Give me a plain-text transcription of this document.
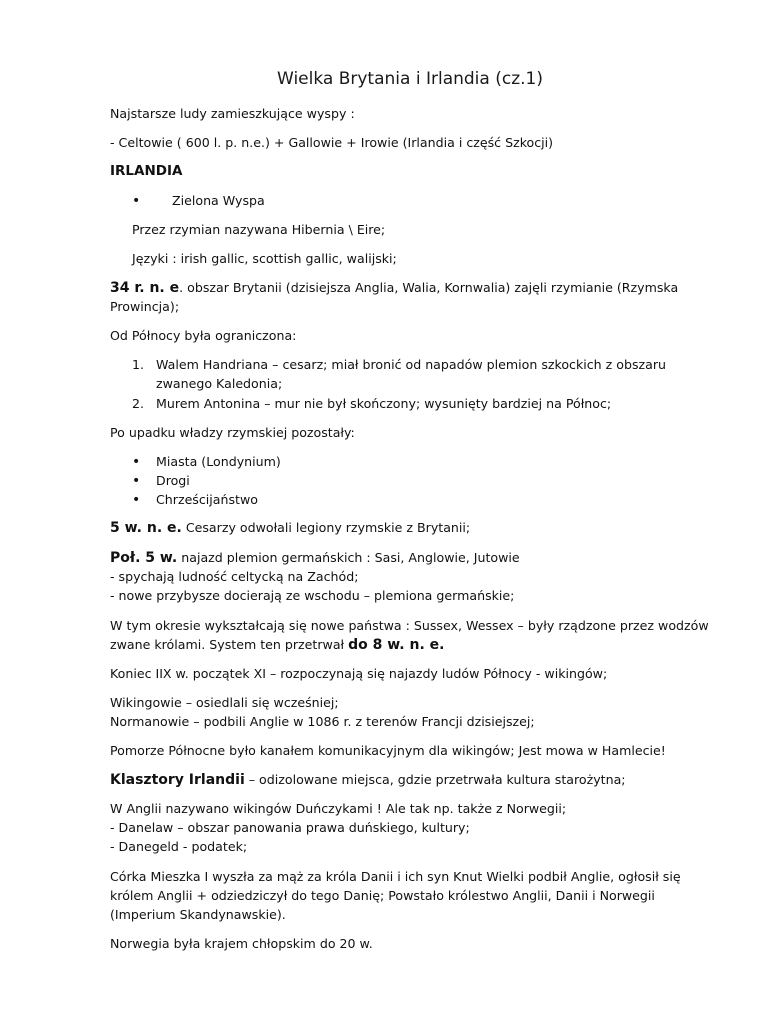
Wielka Brytania i Irlandia (cz.1)
Najstarsze ludy zamieszkujące wyspy :
- Celtowie ( 600 l. p. n.e.) + Gallowie + Irowie (Irlandia i część Szkocji)
IRLANDIA
•
Zielona Wyspa
Przez rzymian nazywana Hibernia \ Eire;
Języki : irish gallic, scottish gallic, walijski;
34 r. n. e. obszar Brytanii (dzisiejsza Anglia, Walia, Kornwalia) zajęli rzymianie (Rzymska
Prowincja);
Od Północy była ograniczona:
1. Walem Handriana – cesarz; miał bronić od napadów plemion szkockich z obszaru
zwanego Kaledonia;
2. Murem Antonina – mur nie był skończony; wysunięty bardziej na Północ;
Po upadku władzy rzymskiej pozostały:
•
Miasta (Londynium)
•
Drogi
•
Chrześcijaństwo
5 w. n. e. Cesarzy odwołali legiony rzymskie z Brytanii;
Poł. 5 w. najazd plemion germańskich : Sasi, Anglowie, Jutowie
- spychają ludność celtycką na Zachód;
- nowe przybysze docierają ze wschodu – plemiona germańskie;
W tym okresie wykształcają się nowe państwa : Sussex, Wessex – były rządzone przez wodzów
zwane królami. System ten przetrwał do 8 w. n. e.
Koniec IIX w. początek XI – rozpoczynają się najazdy ludów Północy - wikingów;
Wikingowie – osiedlali się wcześniej;
Normanowie – podbili Anglie w 1086 r. z terenów Francji dzisiejszej;
Pomorze Północne było kanałem komunikacyjnym dla wikingów; Jest mowa w Hamlecie!
Klasztory Irlandii – odizolowane miejsca, gdzie przetrwała kultura starożytna;
W Anglii nazywano wikingów Duńczykami ! Ale tak np. także z Norwegii;
- Danelaw – obszar panowania prawa duńskiego, kultury;
- Danegeld - podatek;
Córka Mieszka I wyszła za mąż za króla Danii i ich syn Knut Wielki podbił Anglie, ogłosił się
królem Anglii + odziedziczył do tego Danię; Powstało królestwo Anglii, Danii i Norwegii
(Imperium Skandynawskie).
Norwegia była krajem chłopskim do 20 w.
